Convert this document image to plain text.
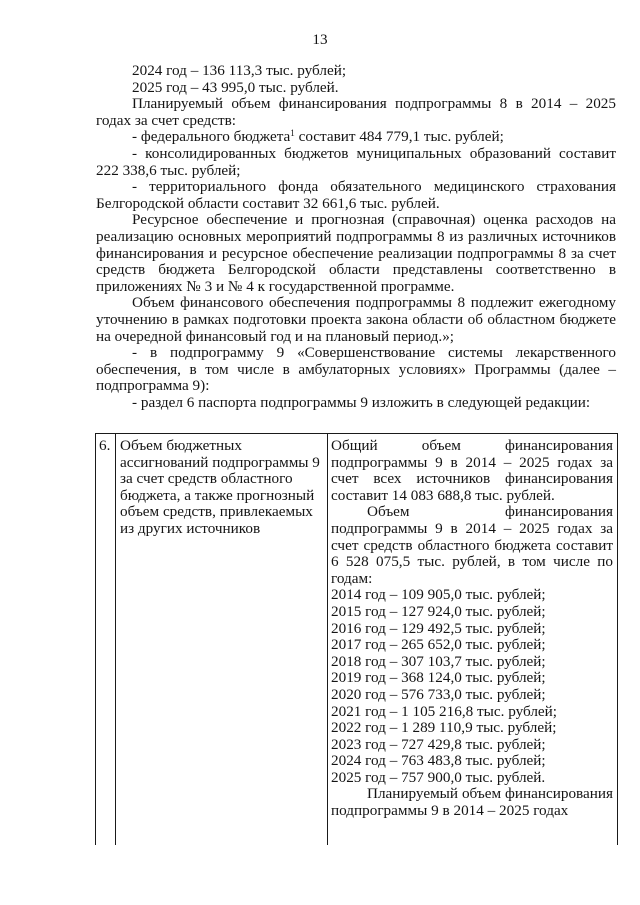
13

2024 год – 136 113,3 тыс. рублей;

2025 год – 43 995,0 тыс. рублей.

Планируемый объем финансирования подпрограммы 8 в 2014 – 2025 годах за счет средств:

- федерального бюджета$^1$ составит 484 779,1 тыс. рублей;

- консолидированных бюджетов муниципальных образований составит 222 338,6 тыс. рублей;

- территориального фонда обязательного медицинского страхования Белгородской области составит 32 661,6 тыс. рублей.

Ресурсное обеспечение и прогнозная (справочная) оценка расходов на реализацию основных мероприятий подпрограммы 8 из различных источников финансирования и ресурсное обеспечение реализации подпрограммы 8 за счет средств бюджета Белгородской области представлены соответственно в приложениях № 3 и № 4 к государственной программе.

Объем финансового обеспечения подпрограммы 8 подлежит ежегодному уточнению в рамках подготовки проекта закона области об областном бюджете на очередной финансовый год и на плановый период.»;

- в подпрограмму 9 «Совершенствование системы лекарственного обеспечения, в том числе в амбулаторных условиях» Программы (далее – подпрограмма 9):

- раздел 6 паспорта подпрограммы 9 изложить в следующей редакции:

6. Объем бюджетных ассигнований подпрограммы 9 за счет средств областного бюджета, а также прогнозный объем средств, привлекаемых из других источников

Общий объем финансирования подпрограммы 9 в 2014 – 2025 годах за счет всех источников финансирования составит 14 083 688,8 тыс. рублей.

Объем финансирования подпрограммы 9 в 2014 – 2025 годах за счет средств областного бюджета составит 6 528 075,5 тыс. рублей, в том числе по годам:

2014 год – 109 905,0 тыс. рублей;

2015 год – 127 924,0 тыс. рублей;

2016 год – 129 492,5 тыс. рублей;

2017 год – 265 652,0 тыс. рублей;

2018 год – 307 103,7 тыс. рублей;

2019 год – 368 124,0 тыс. рублей;

2020 год – 576 733,0 тыс. рублей;

2021 год – 1 105 216,8 тыс. рублей;

2022 год – 1 289 110,9 тыс. рублей;

2023 год – 727 429,8 тыс. рублей;

2024 год – 763 483,8 тыс. рублей;

2025 год – 757 900,0 тыс. рублей.

Планируемый объем финансирования подпрограммы 9 в 2014 – 2025 годах
